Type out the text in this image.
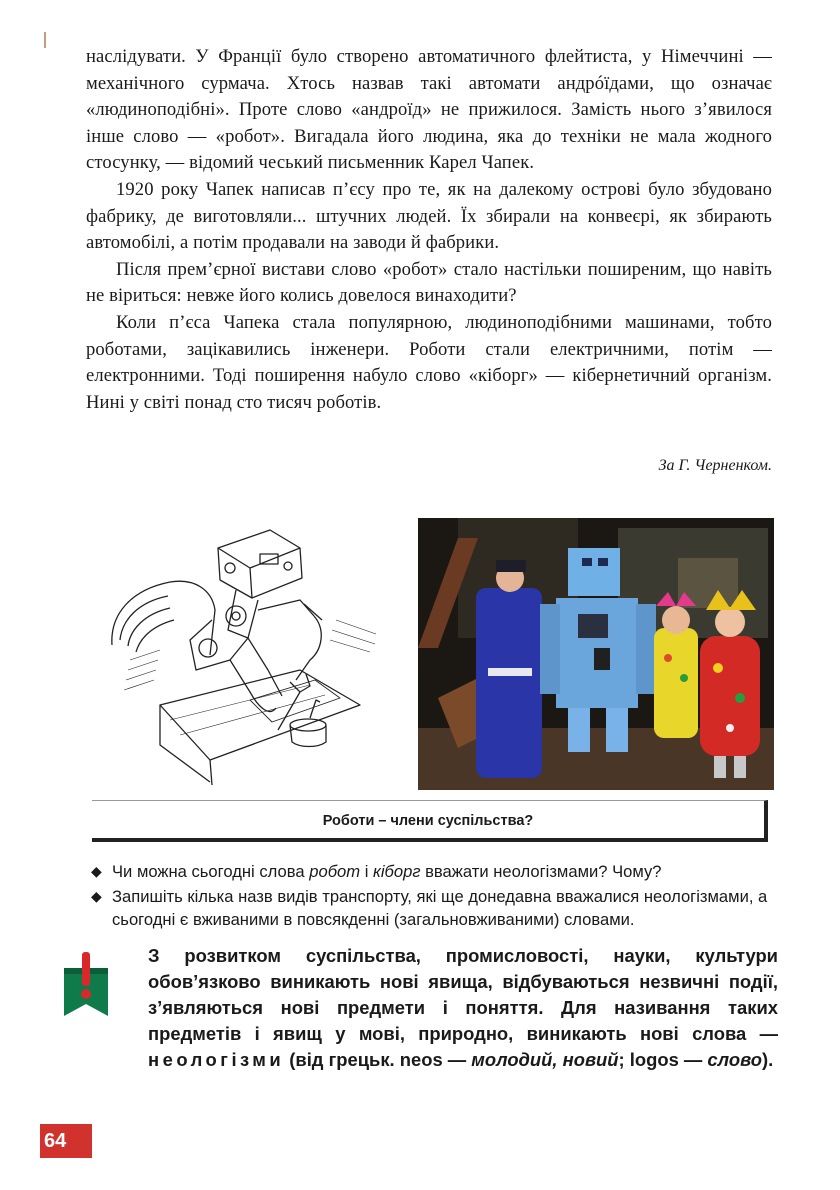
наслідувати. У Франції було створено автоматичного флейтиста, у Німеччині — механічного сурмача. Хтось назвав такі автомати андрóїдами, що означає «людиноподібні». Проте слово «андроїд» не прижилося. Замість нього з’явилося інше слово — «робот». Вигадала його людина, яка до техніки не мала жодного стосунку, — відомий чеський письменник Карел Чапек.

1920 року Чапек написав п’єсу про те, як на далекому острові було збудовано фабрику, де виготовляли... штучних людей. Їх збирали на конвеєрі, як збирають автомобілі, а потім продавали на заводи й фабрики.

Після прем’єрної вистави слово «робот» стало настільки поширеним, що навіть не віриться: невже його колись довелося винаходити?

Коли п’єса Чапека стала популярною, людиноподібними машинами, тобто роботами, зацікавились інженери. Роботи стали електричними, потім — електронними. Тоді поширення набуло слово «кіборг» — кібернетичний організм. Нині у світі понад сто тисяч роботів.

За Г. Черненком.
Роботи – члени суспільства?
◆ Чи можна сьогодні слова робот і кіборг вважати неологізмами? Чому?
◆ Запишіть кілька назв видів транспорту, які ще донедавна вважалися неологізмами, а сьогодні є вживаними в повсякденні (загальновживаними) словами.
З розвитком суспільства, промисловості, науки, культури обов’язково виникають нові явища, відбуваються незвичні події, з’являються нові предмети і поняття. Для називання таких предметів і явищ у мові, природно, виникають нові слова — неологізми (від грецьк. neos — молодий, новий; logos — слово).
64
